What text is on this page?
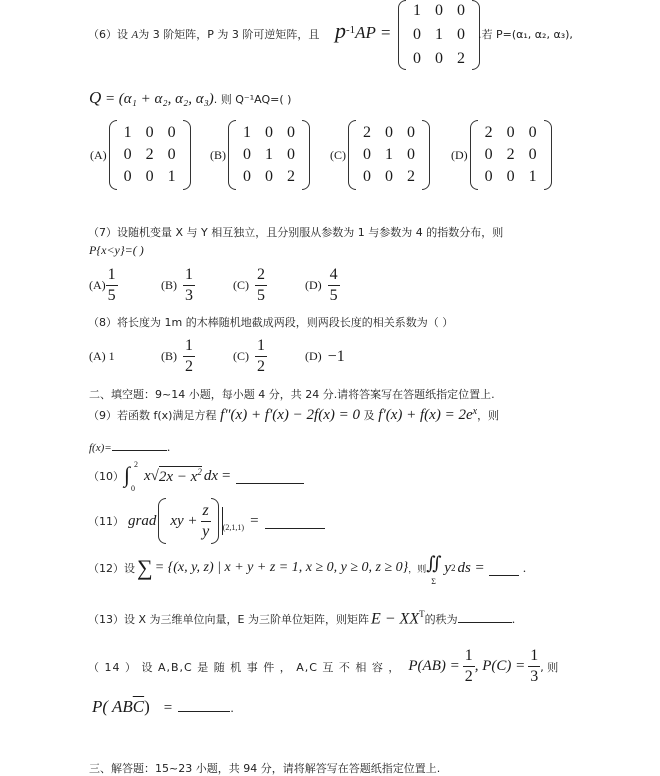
（6）设 A为 3 阶矩阵，P 为 3 阶可逆矩阵，且 $p^{-1}AP$ =
1 0 0
0 1 0
0 0 2
.若 P=(α₁, α₂, α₃),
Q = (α₁ + α₂, α₂, α₃). 则 Q⁻¹AQ=( )
(A)
1 0 0
0 2 0
0 0 1
(B)
1 0 0
0 1 0
0 0 2
(C)
2 0 0
0 1 0
0 0 2
(D)
2 0 0
0 2 0
0 0 1
（7）设随机变量 X 与 Y 相互独立，且分别服从参数为 1 与参数为 4 的指数分布，则
P{x<y}=( )
$(A) \frac{1}{5}$	$(B) \frac{1}{3}$	$(C) \frac{2}{5}$	$(D) \frac{4}{5}$
（8）将长度为 1m 的木棒随机地截成两段，则两段长度的相关系数为（ ）
(A) 1	$(B) \frac{1}{2}$	$(C) \frac{1}{2}$	(D) −1
二、填空题：9~14 小题，每小题 4 分，共 24 分.请将答案写在答题纸指定位置上.
（9）若函数 f(x)满足方程 f″(x) + f′(x) − 2f(x) = 0 及 $f'(x) + f(x) = 2e^x$，则
f(x)=	.
（10） ∫ 2
0
x √ $2x - x^2$ dx =
（11） grad xy + $\frac{z}{y} (2,1,1)$ =
（12）设 ∑ = {(x, y, z) | x + y + z = 1, x ≥ 0, y ≥ 0, z ≥ 0} ，则 ∬
Σ
y 2 ds =	.
（13）设 X 为三维单位向量，E 为三阶单位矩阵，则矩阵 $E - XX^T$ 的秩为	.
（ 14 ） 设 A,B,C 是 随 机 事 件 ， A,C 互 不 相 容 ， $P(AB) = \frac{1}{2}$ , $P(C) = \frac{1}{3}$ , 则
P( AB $\overline{C}$ ) =	.
三、解答题：15~23 小题，共 94 分，请将解答写在答题纸指定位置上.
